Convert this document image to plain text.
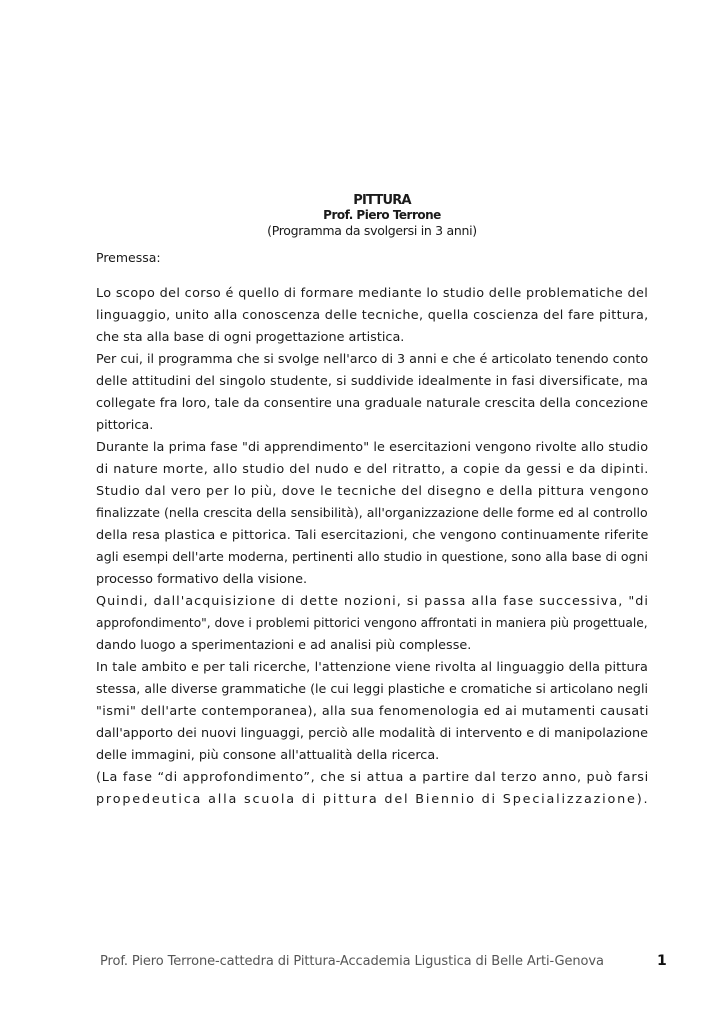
PITTURA
Prof. Piero Terrone
(Programma da svolgersi in 3 anni)
Premessa:
Lo scopo del corso é quello di formare mediante lo studio delle problematiche del
linguaggio, unito alla conoscenza delle tecniche, quella coscienza del fare pittura,
che sta alla base di ogni progettazione artistica.
Per cui, il programma che si svolge nell'arco di 3 anni e che é articolato tenendo conto
delle attitudini del singolo studente, si suddivide idealmente in fasi diversificate, ma
collegate fra loro, tale da consentire una graduale naturale crescita della concezione
pittorica.
Durante la prima fase "di apprendimento" le esercitazioni vengono rivolte allo studio
di nature morte, allo studio del nudo e del ritratto, a copie da gessi e da dipinti.
Studio dal vero per lo più, dove le tecniche del disegno e della pittura vengono
finalizzate (nella crescita della sensibilità), all'organizzazione delle forme ed al controllo
della resa plastica e pittorica. Tali esercitazioni, che vengono continuamente riferite
agli esempi dell'arte moderna, pertinenti allo studio in questione, sono alla base di ogni
processo formativo della visione.
Quindi, dall'acquisizione di dette nozioni, si passa alla fase successiva, "di
approfondimento", dove i problemi pittorici vengono affrontati in maniera più progettuale,
dando luogo a sperimentazioni e ad analisi più complesse.
In tale ambito e per tali ricerche, l'attenzione viene rivolta al linguaggio della pittura
stessa, alle diverse grammatiche (le cui leggi plastiche e cromatiche si articolano negli
"ismi" dell'arte contemporanea), alla sua fenomenologia ed ai mutamenti causati
dall'apporto dei nuovi linguaggi, perciò alle modalità di intervento e di manipolazione
delle immagini, più consone all'attualità della ricerca.
(La fase “di approfondimento”, che si attua a partire dal terzo anno, può farsi
propedeutica alla scuola di pittura del Biennio di Specializzazione).
Prof. Piero Terrone-cattedra di Pittura-Accademia Ligustica di Belle Arti-Genova	1
